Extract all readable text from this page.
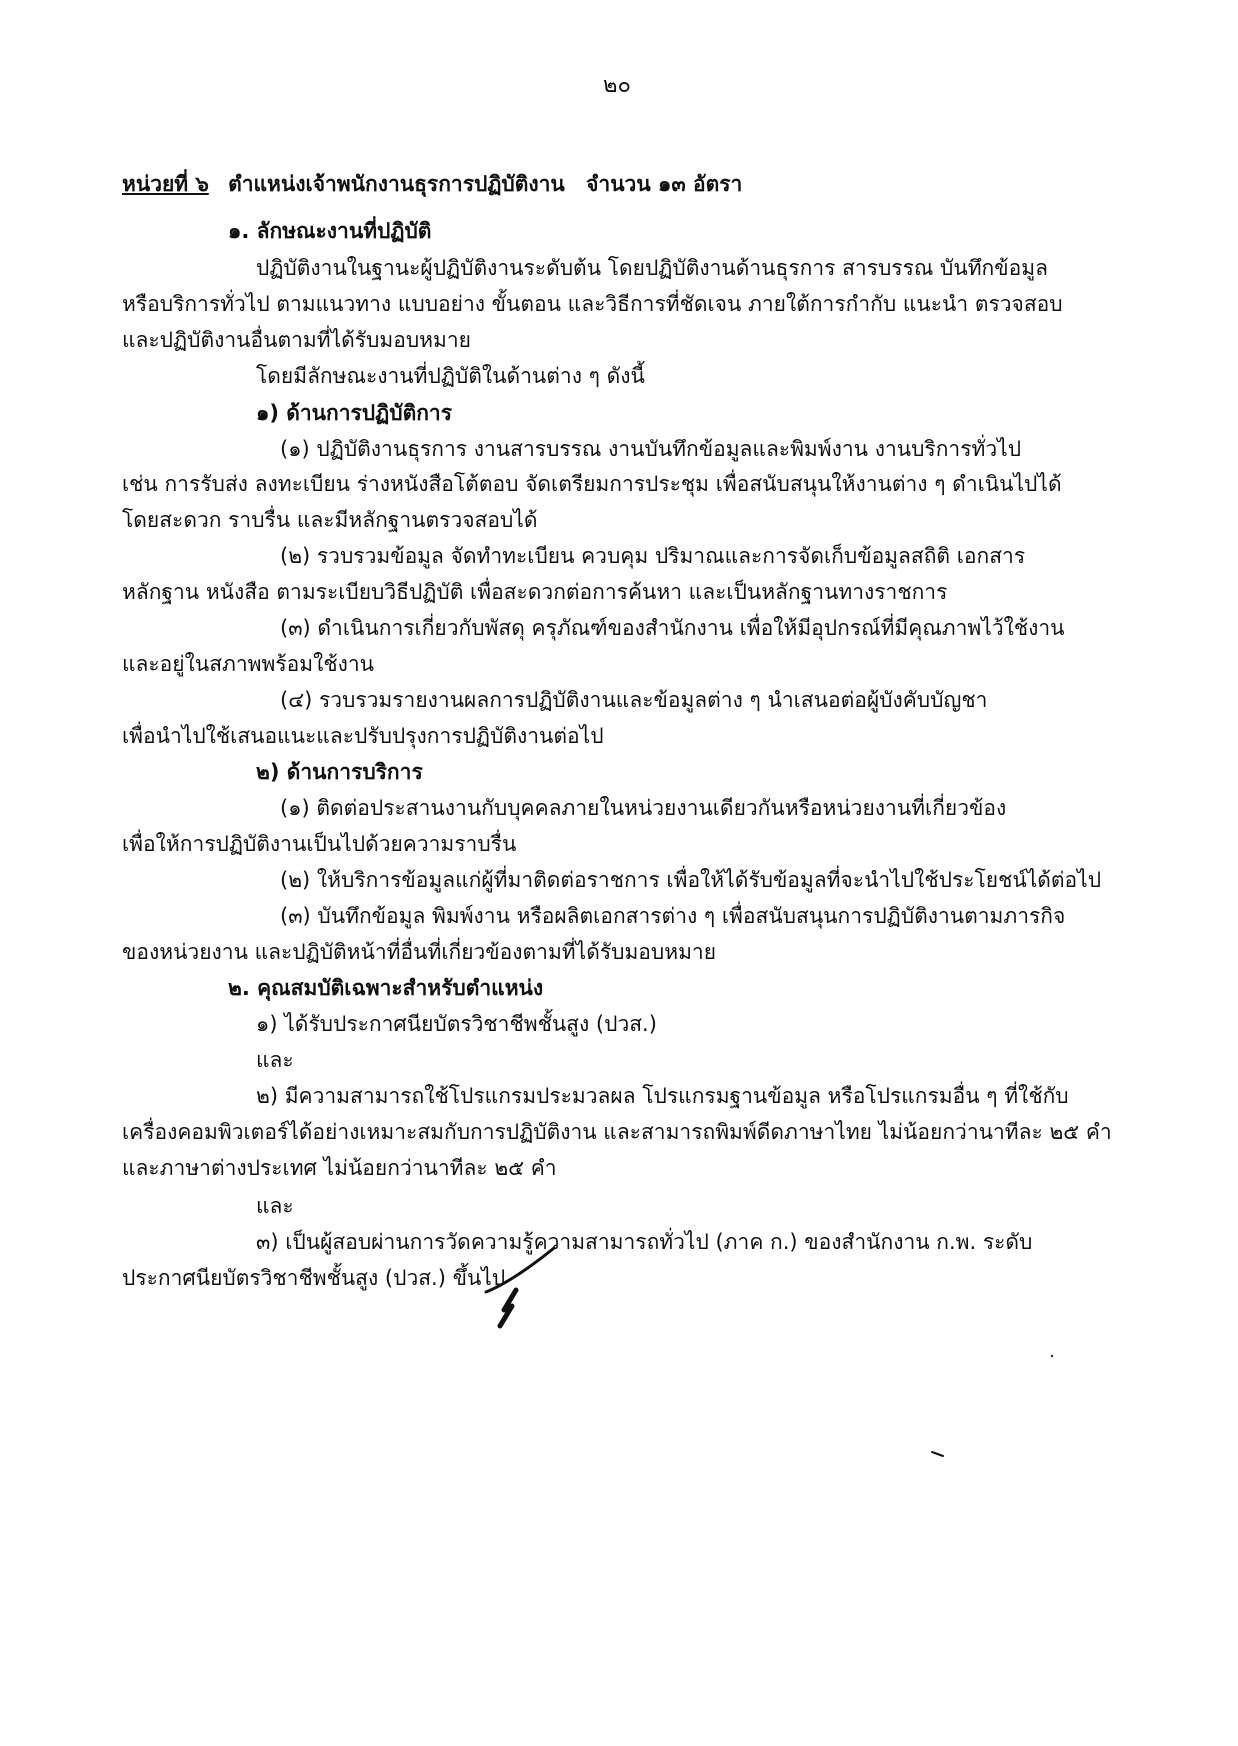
๒๐
หน่วยที่ ๖ ตำแหน่งเจ้าพนักงานธุรการปฏิบัติงาน จำนวน ๑๓ อัตรา
๑. ลักษณะงานที่ปฏิบัติ
ปฏิบัติงานในฐานะผู้ปฏิบัติงานระดับต้น โดยปฏิบัติงานด้านธุรการ สารบรรณ บันทึกข้อมูล
หรือบริการทั่วไป ตามแนวทาง แบบอย่าง ขั้นตอน และวิธีการที่ชัดเจน ภายใต้การกำกับ แนะนำ ตรวจสอบ
และปฏิบัติงานอื่นตามที่ได้รับมอบหมาย
โดยมีลักษณะงานที่ปฏิบัติในด้านต่าง ๆ ดังนี้
๑) ด้านการปฏิบัติการ
(๑) ปฏิบัติงานธุรการ งานสารบรรณ งานบันทึกข้อมูลและพิมพ์งาน งานบริการทั่วไป
เช่น การรับส่ง ลงทะเบียน ร่างหนังสือโต้ตอบ จัดเตรียมการประชุม เพื่อสนับสนุนให้งานต่าง ๆ ดำเนินไปได้
โดยสะดวก ราบรื่น และมีหลักฐานตรวจสอบได้
(๒) รวบรวมข้อมูล จัดทำทะเบียน ควบคุม ปริมาณและการจัดเก็บข้อมูลสถิติ เอกสาร
หลักฐาน หนังสือ ตามระเบียบวิธีปฏิบัติ เพื่อสะดวกต่อการค้นหา และเป็นหลักฐานทางราชการ
(๓) ดำเนินการเกี่ยวกับพัสดุ ครุภัณฑ์ของสำนักงาน เพื่อให้มีอุปกรณ์ที่มีคุณภาพไว้ใช้งาน
และอยู่ในสภาพพร้อมใช้งาน
(๔) รวบรวมรายงานผลการปฏิบัติงานและข้อมูลต่าง ๆ นำเสนอต่อผู้บังคับบัญชา
เพื่อนำไปใช้เสนอแนะและปรับปรุงการปฏิบัติงานต่อไป
๒) ด้านการบริการ
(๑) ติดต่อประสานงานกับบุคคลภายในหน่วยงานเดียวกันหรือหน่วยงานที่เกี่ยวข้อง
เพื่อให้การปฏิบัติงานเป็นไปด้วยความราบรื่น
(๒) ให้บริการข้อมูลแก่ผู้ที่มาติดต่อราชการ เพื่อให้ได้รับข้อมูลที่จะนำไปใช้ประโยชน์ได้ต่อไป
(๓) บันทึกข้อมูล พิมพ์งาน หรือผลิตเอกสารต่าง ๆ เพื่อสนับสนุนการปฏิบัติงานตามภารกิจ
ของหน่วยงาน และปฏิบัติหน้าที่อื่นที่เกี่ยวข้องตามที่ได้รับมอบหมาย
๒. คุณสมบัติเฉพาะสำหรับตำแหน่ง
๑) ได้รับประกาศนียบัตรวิชาชีพชั้นสูง (ปวส.)
และ
๒) มีความสามารถใช้โปรแกรมประมวลผล โปรแกรมฐานข้อมูล หรือโปรแกรมอื่น ๆ ที่ใช้กับ
เครื่องคอมพิวเตอร์ได้อย่างเหมาะสมกับการปฏิบัติงาน และสามารถพิมพ์ดีดภาษาไทย ไม่น้อยกว่านาทีละ ๒๕ คำ
และภาษาต่างประเทศ ไม่น้อยกว่านาทีละ ๒๕ คำ
และ
๓) เป็นผู้สอบผ่านการวัดความรู้ความสามารถทั่วไป (ภาค ก.) ของสำนักงาน ก.พ. ระดับ
ประกาศนียบัตรวิชาชีพชั้นสูง (ปวส.) ขึ้นไป
